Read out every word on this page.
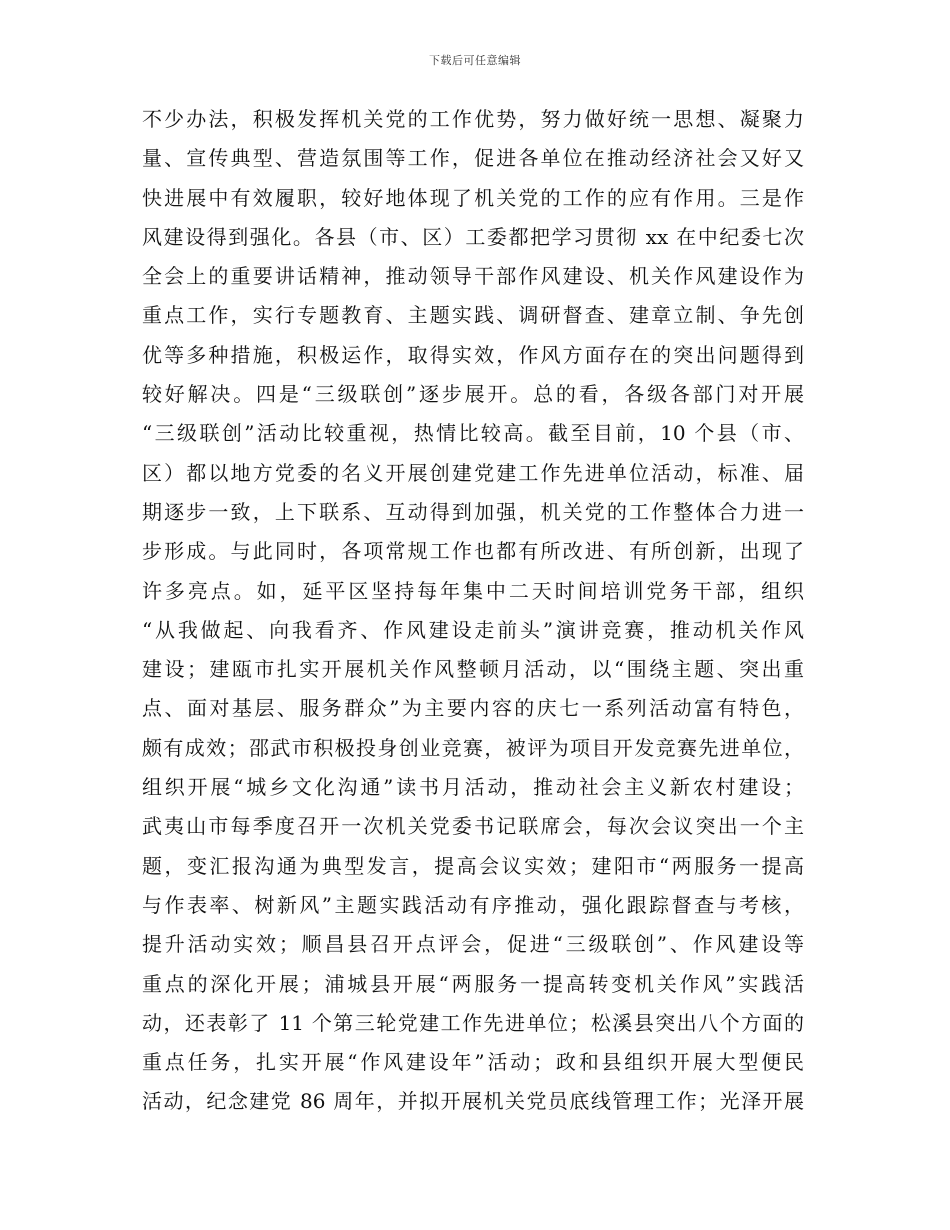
下载后可任意编辑
不少办法，积极发挥机关党的工作优势，努力做好统一思想、凝聚力
量、宣传典型、营造氛围等工作，促进各单位在推动经济社会又好又
快进展中有效履职，较好地体现了机关党的工作的应有作用。三是作
风建设得到强化。各县（市、区）工委都把学习贯彻 xx 在中纪委七次
全会上的重要讲话精神，推动领导干部作风建设、机关作风建设作为
重点工作，实行专题教育、主题实践、调研督查、建章立制、争先创
优等多种措施，积极运作，取得实效，作风方面存在的突出问题得到
较好解决。四是“三级联创”逐步展开。总的看，各级各部门对开展
“三级联创”活动比较重视，热情比较高。截至目前，10 个县（市、
区）都以地方党委的名义开展创建党建工作先进单位活动，标准、届
期逐步一致，上下联系、互动得到加强，机关党的工作整体合力进一
步形成。与此同时，各项常规工作也都有所改进、有所创新，出现了
许多亮点。如，延平区坚持每年集中二天时间培训党务干部，组织
“从我做起、向我看齐、作风建设走前头”演讲竞赛，推动机关作风
建设；建瓯市扎实开展机关作风整顿月活动，以“围绕主题、突出重
点、面对基层、服务群众”为主要内容的庆七一系列活动富有特色，
颇有成效；邵武市积极投身创业竞赛，被评为项目开发竞赛先进单位，
组织开展“城乡文化沟通”读书月活动，推动社会主义新农村建设；
武夷山市每季度召开一次机关党委书记联席会，每次会议突出一个主
题，变汇报沟通为典型发言，提高会议实效；建阳市“两服务一提高
与作表率、树新风”主题实践活动有序推动，强化跟踪督查与考核，
提升活动实效；顺昌县召开点评会，促进“三级联创”、作风建设等
重点的深化开展；浦城县开展“两服务一提高转变机关作风”实践活
动，还表彰了 11 个第三轮党建工作先进单位；松溪县突出八个方面的
重点任务，扎实开展“作风建设年”活动；政和县组织开展大型便民
活动，纪念建党 86 周年，并拟开展机关党员底线管理工作；光泽开展
